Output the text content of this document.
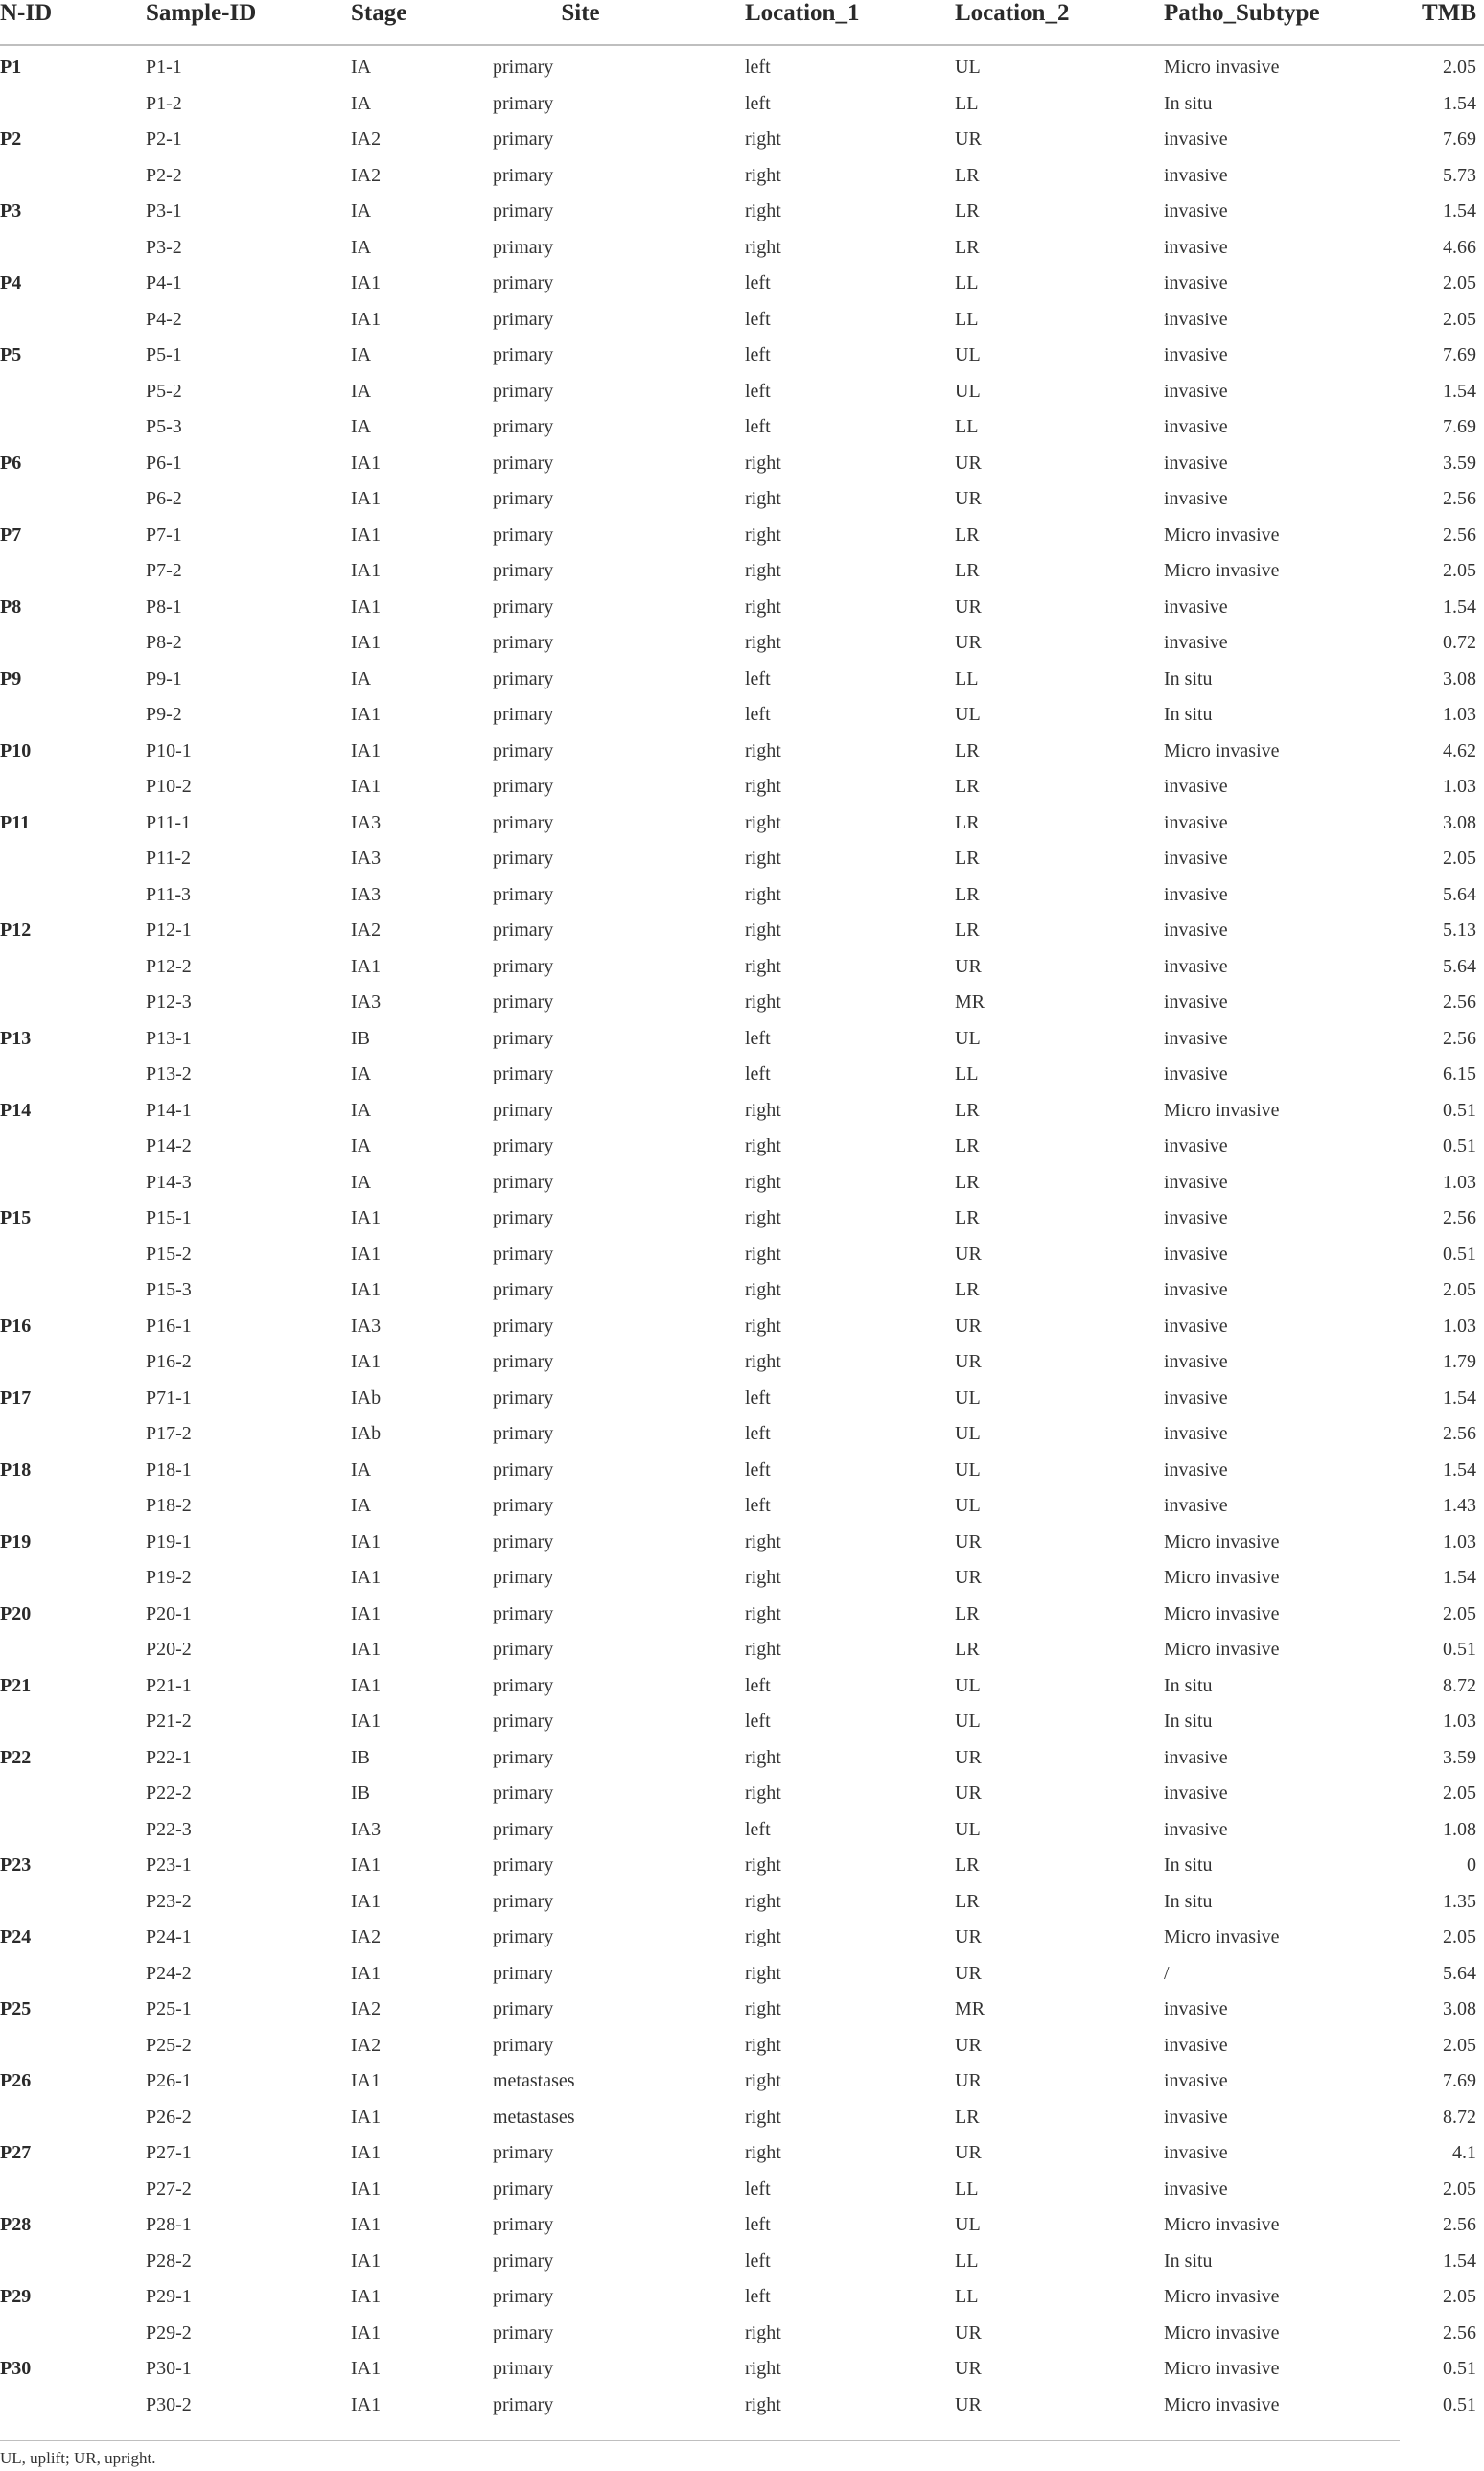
N-ID	Sample-ID	Stage	Site	Location_1	Location_2	Patho_Subtype	TMB
P1	P1-1	IA	primary	left	UL	Micro invasive	2.05
	P1-2	IA	primary	left	LL	In situ	1.54
P2	P2-1	IA2	primary	right	UR	invasive	7.69
	P2-2	IA2	primary	right	LR	invasive	5.73
P3	P3-1	IA	primary	right	LR	invasive	1.54
	P3-2	IA	primary	right	LR	invasive	4.66
P4	P4-1	IA1	primary	left	LL	invasive	2.05
	P4-2	IA1	primary	left	LL	invasive	2.05
P5	P5-1	IA	primary	left	UL	invasive	7.69
	P5-2	IA	primary	left	UL	invasive	1.54
	P5-3	IA	primary	left	LL	invasive	7.69
P6	P6-1	IA1	primary	right	UR	invasive	3.59
	P6-2	IA1	primary	right	UR	invasive	2.56
P7	P7-1	IA1	primary	right	LR	Micro invasive	2.56
	P7-2	IA1	primary	right	LR	Micro invasive	2.05
P8	P8-1	IA1	primary	right	UR	invasive	1.54
	P8-2	IA1	primary	right	UR	invasive	0.72
P9	P9-1	IA	primary	left	LL	In situ	3.08
	P9-2	IA1	primary	left	UL	In situ	1.03
P10	P10-1	IA1	primary	right	LR	Micro invasive	4.62
	P10-2	IA1	primary	right	LR	invasive	1.03
P11	P11-1	IA3	primary	right	LR	invasive	3.08
	P11-2	IA3	primary	right	LR	invasive	2.05
	P11-3	IA3	primary	right	LR	invasive	5.64
P12	P12-1	IA2	primary	right	LR	invasive	5.13
	P12-2	IA1	primary	right	UR	invasive	5.64
	P12-3	IA3	primary	right	MR	invasive	2.56
P13	P13-1	IB	primary	left	UL	invasive	2.56
	P13-2	IA	primary	left	LL	invasive	6.15
P14	P14-1	IA	primary	right	LR	Micro invasive	0.51
	P14-2	IA	primary	right	LR	invasive	0.51
	P14-3	IA	primary	right	LR	invasive	1.03
P15	P15-1	IA1	primary	right	LR	invasive	2.56
	P15-2	IA1	primary	right	UR	invasive	0.51
	P15-3	IA1	primary	right	LR	invasive	2.05
P16	P16-1	IA3	primary	right	UR	invasive	1.03
	P16-2	IA1	primary	right	UR	invasive	1.79
P17	P71-1	IAb	primary	left	UL	invasive	1.54
	P17-2	IAb	primary	left	UL	invasive	2.56
P18	P18-1	IA	primary	left	UL	invasive	1.54
	P18-2	IA	primary	left	UL	invasive	1.43
P19	P19-1	IA1	primary	right	UR	Micro invasive	1.03
	P19-2	IA1	primary	right	UR	Micro invasive	1.54
P20	P20-1	IA1	primary	right	LR	Micro invasive	2.05
	P20-2	IA1	primary	right	LR	Micro invasive	0.51
P21	P21-1	IA1	primary	left	UL	In situ	8.72
	P21-2	IA1	primary	left	UL	In situ	1.03
P22	P22-1	IB	primary	right	UR	invasive	3.59
	P22-2	IB	primary	right	UR	invasive	2.05
	P22-3	IA3	primary	left	UL	invasive	1.08
P23	P23-1	IA1	primary	right	LR	In situ	0
	P23-2	IA1	primary	right	LR	In situ	1.35
P24	P24-1	IA2	primary	right	UR	Micro invasive	2.05
	P24-2	IA1	primary	right	UR	/	5.64
P25	P25-1	IA2	primary	right	MR	invasive	3.08
	P25-2	IA2	primary	right	UR	invasive	2.05
P26	P26-1	IA1	metastases	right	UR	invasive	7.69
	P26-2	IA1	metastases	right	LR	invasive	8.72
P27	P27-1	IA1	primary	right	UR	invasive	4.1
	P27-2	IA1	primary	left	LL	invasive	2.05
P28	P28-1	IA1	primary	left	UL	Micro invasive	2.56
	P28-2	IA1	primary	left	LL	In situ	1.54
P29	P29-1	IA1	primary	left	LL	Micro invasive	2.05
	P29-2	IA1	primary	right	UR	Micro invasive	2.56
P30	P30-1	IA1	primary	right	UR	Micro invasive	0.51
	P30-2	IA1	primary	right	UR	Micro invasive	0.51
UL, uplift; UR, upright.
